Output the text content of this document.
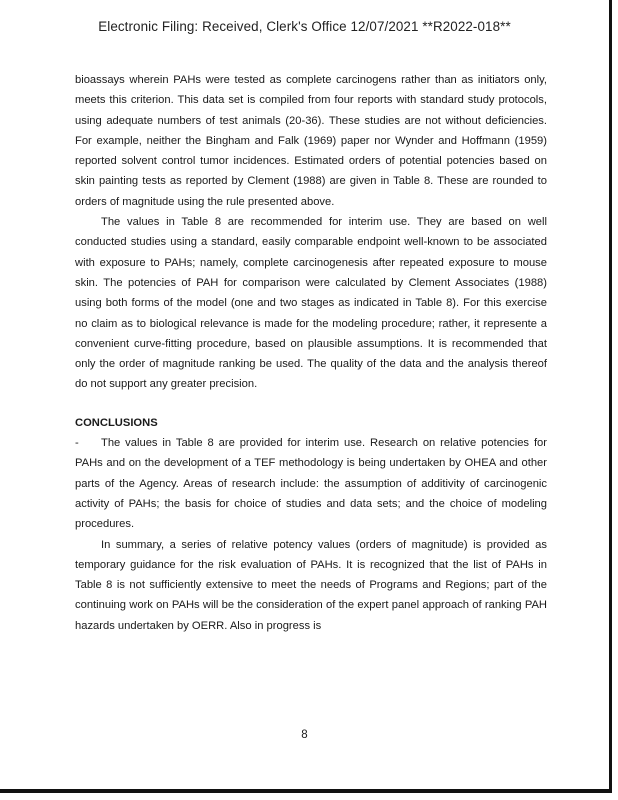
Electronic Filing: Received, Clerk's Office 12/07/2021 **R2022-018**

bioassays wherein PAHs were tested as complete carcinogens rather than as initiators only, meets this criterion. This data set is compiled from four reports with standard study protocols, using adequate numbers of test animals (20-36). These studies are not without deficiencies. For example, neither the Bingham and Falk (1969) paper nor Wynder and Hoffmann (1959) reported solvent control tumor incidences. Estimated orders of potential potencies based on skin painting tests as reported by Clement (1988) are given in Table 8. These are rounded to orders of magnitude using the rule presented above.

The values in Table 8 are recommended for interim use. They are based on well conducted studies using a standard, easily comparable endpoint well-known to be associated with exposure to PAHs; namely, complete carcinogenesis after repeated exposure to mouse skin. The potencies of PAH for comparison were calculated by Clement Associates (1988) using both forms of the model (one and two stages as indicated in Table 8). For this exercise no claim as to biological relevance is made for the modeling procedure; rather, it represente a convenient curve-fitting procedure, based on plausible assumptions. It is recommended that only the order of magnitude ranking be used. The quality of the data and the analysis thereof do not support any greater precision.

CONCLUSIONS

- The values in Table 8 are provided for interim use. Research on relative potencies for PAHs and on the development of a TEF methodology is being undertaken by OHEA and other parts of the Agency. Areas of research include: the assumption of additivity of carcinogenic activity of PAHs; the basis for choice of studies and data sets; and the choice of modeling procedures.

In summary, a series of relative potency values (orders of magnitude) is provided as temporary guidance for the risk evaluation of PAHs. It is recognized that the list of PAHs in Table 8 is not sufficiently extensive to meet the needs of Programs and Regions; part of the continuing work on PAHs will be the consideration of the expert panel approach of ranking PAH hazards undertaken by OERR. Also in progress is

8
